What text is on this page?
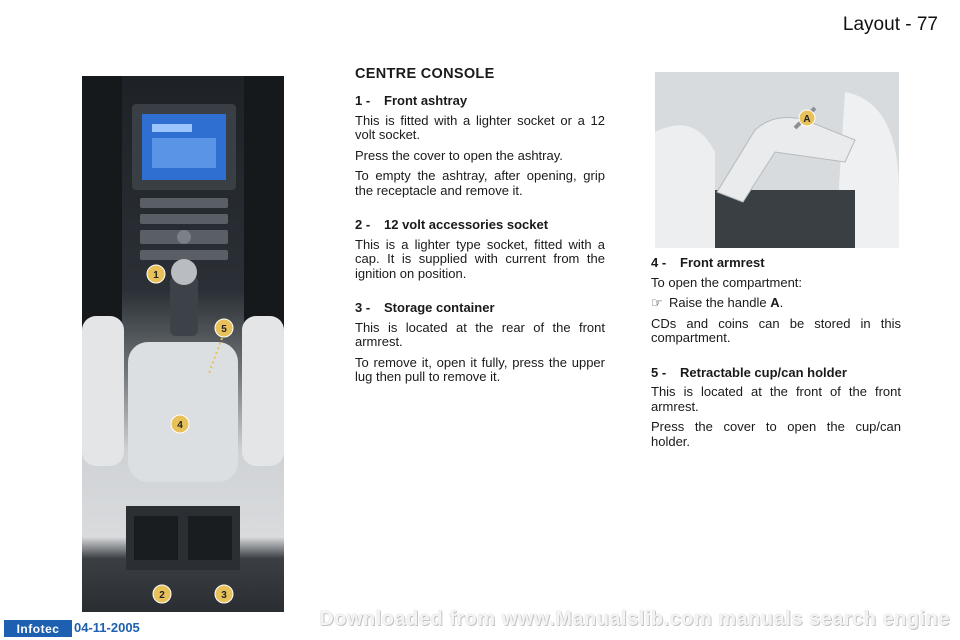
Layout - 77
1
5
4
2	3
CENTRE CONSOLE
1 -	Front ashtray

This is fitted with a lighter socket or a 12 volt socket.

Press the cover to open the ashtray.

To empty the ashtray, after opening, grip the receptacle and remove it.

2 -	12 volt accessories socket

This is a lighter type socket, fitted with a cap. It is supplied with current from the ignition on position.

3 -	Storage container

This is located at the rear of the front armrest.

To remove it, open it fully, press the upper lug then pull to remove it.

A
4 -	Front armrest

To open the compartment:

☞ Raise the handle A.

CDs and coins can be stored in this compartment.

5 -	Retractable cup/can holder

This is located at the front of the front armrest.

Press the cover to open the cup/can holder.

Infotec	04-11-2005	Downloaded from www.Manualslib.com manuals search engine
